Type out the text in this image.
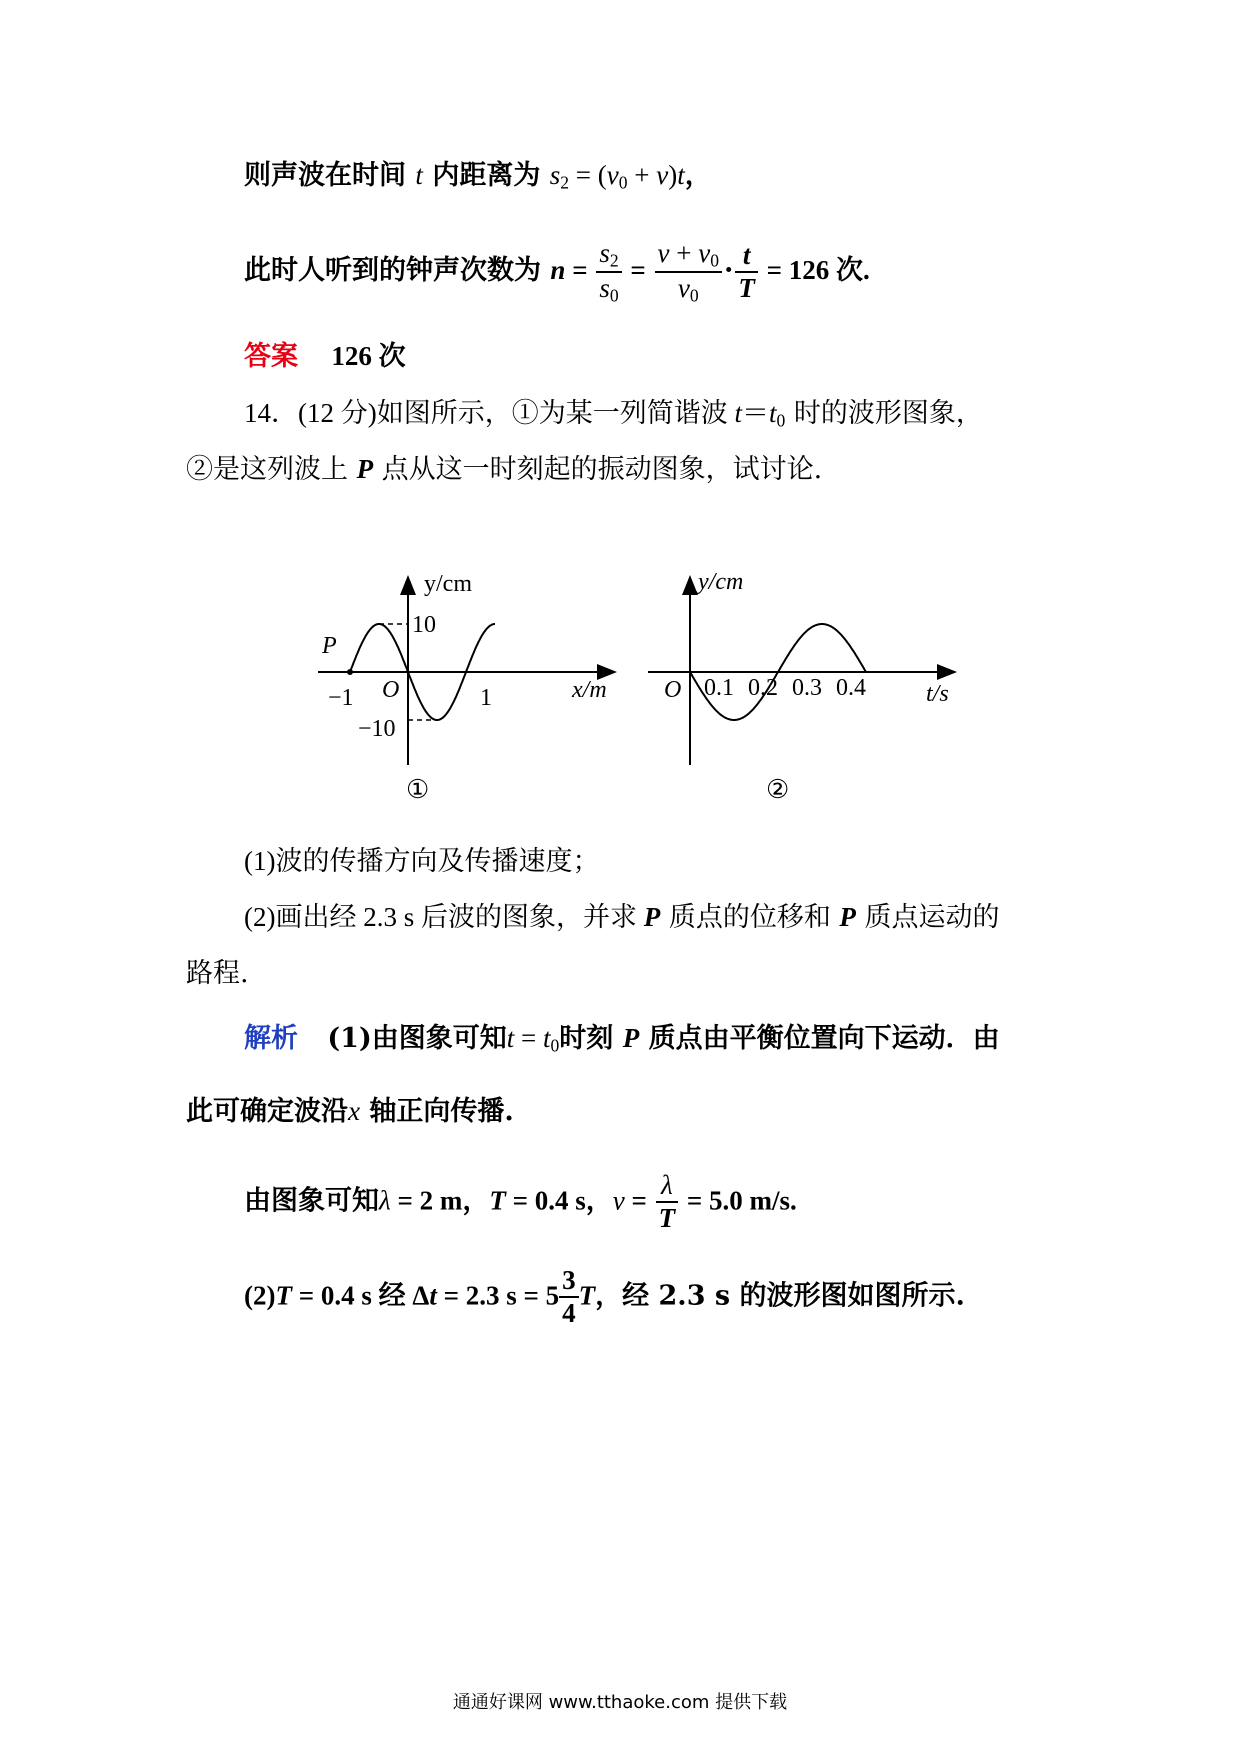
则声波在时间 t 内距离为 $s_2 = (v_0 + v)t$，
此时人听到的钟声次数为 $n = \frac{s_2}{s_0} = \frac{v + v_0}{v_0} \cdot \frac{t}{T} = 126$ 次.
答案 126 次
14．(12 分)如图所示，①为某一列简谐波 $t=t_0$ 时的波形图象，
②是这列波上 P 点从这一时刻起的振动图象，试讨论.
P
y/cm
10
−10
O
−1	1	x/m
①
y/cm
O 0.1 0.2 0.3 0.4	t/s
②
(1)波的传播方向及传播速度；
(2)画出经 2.3 s 后波的图象，并求 P 质点的位移和 P 质点运动的
路程.
解析 (1)由图象可知$t = t_0$时刻 P 质点由平衡位置向下运动．由
此可确定波沿x 轴正向传播.
由图象可知λ = 2 m，T = 0.4 s，$v = \frac{\lambda}{T} = 5.0$ m/s.
(2)T = 0.4 s 经 Δt = 2.3 $s = 5 \frac{3}{4}$ T，经 2.3 s 的波形图如图所示.
通通好课网 www.tthaoke.com 提供下载
